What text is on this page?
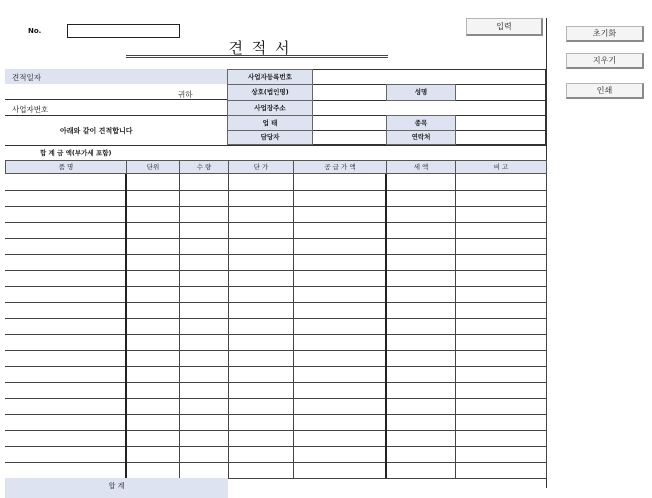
No.	입력
견 적 서
초기화
지우기
인쇄
견적일자
귀하
사업자번호
아래와 같이 견적합니다
사업자등록번호
상호(법인명)	성명
사업장주소
업 태	종목
담당자	연락처
합 계 금 액(부가세 포함)
품 명	단위	수 량	단 가	공 급 가 액	세 액	비 고
합 계
